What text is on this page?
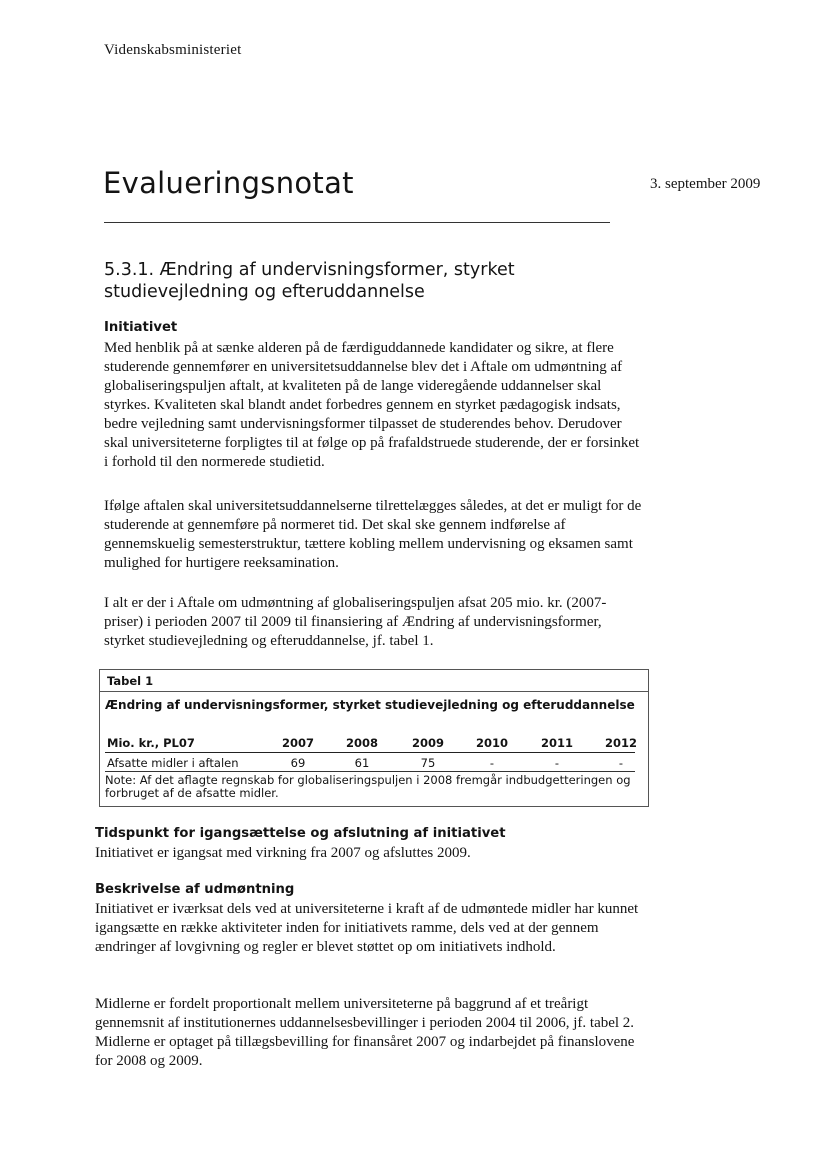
Videnskabsministeriet
Evalueringsnotat	3. september 2009
5.3.1. Ændring af undervisningsformer, styrket studievejledning og efteruddannelse
Initiativet

Med henblik på at sænke alderen på de færdiguddannede kandidater og sikre, at flere studerende gennemfører en universitetsuddannelse blev det i Aftale om udmøntning af globaliseringspuljen aftalt, at kvaliteten på de lange videregående uddannelser skal styrkes. Kvaliteten skal blandt andet forbedres gennem en styrket pædagogisk indsats, bedre vejledning samt undervisningsformer tilpasset de studerendes behov. Derudover skal universiteterne forpligtes til at følge op på frafaldstruede studerende, der er forsinket i forhold til den normerede studietid.

Ifølge aftalen skal universitetsuddannelserne tilrettelægges således, at det er muligt for de studerende at gennemføre på normeret tid. Det skal ske gennem indførelse af gennemskuelig semesterstruktur, tættere kobling mellem undervisning og eksamen samt mulighed for hurtigere reeksamination.

I alt er der i Aftale om udmøntning af globaliseringspuljen afsat 205 mio. kr. (2007-priser) i perioden 2007 til 2009 til finansiering af Ændring af undervisningsformer, styrket studievejledning og efteruddannelse, jf. tabel 1.

Tabel 1
Ændring af undervisningsformer, styrket studievejledning og efteruddannelse
Mio. kr., PL07	2007	2008	2009	2010	2011	2012
Afsatte midler i aftalen	69	61	75	-	-	-
Note: Af det aflagte regnskab for globaliseringspuljen i 2008 fremgår indbudgetteringen og forbruget af de afsatte midler.
Tidspunkt for igangsættelse og afslutning af initiativet

Initiativet er igangsat med virkning fra 2007 og afsluttes 2009.

Beskrivelse af udmøntning

Initiativet er iværksat dels ved at universiteterne i kraft af de udmøntede midler har kunnet igangsætte en række aktiviteter inden for initiativets ramme, dels ved at der gennem ændringer af lovgivning og regler er blevet støttet op om initiativets indhold.

Midlerne er fordelt proportionalt mellem universiteterne på baggrund af et treårigt gennemsnit af institutionernes uddannelsesbevillinger i perioden 2004 til 2006, jf. tabel 2. Midlerne er optaget på tillægsbevilling for finansåret 2007 og indarbejdet på finanslovene for 2008 og 2009.
